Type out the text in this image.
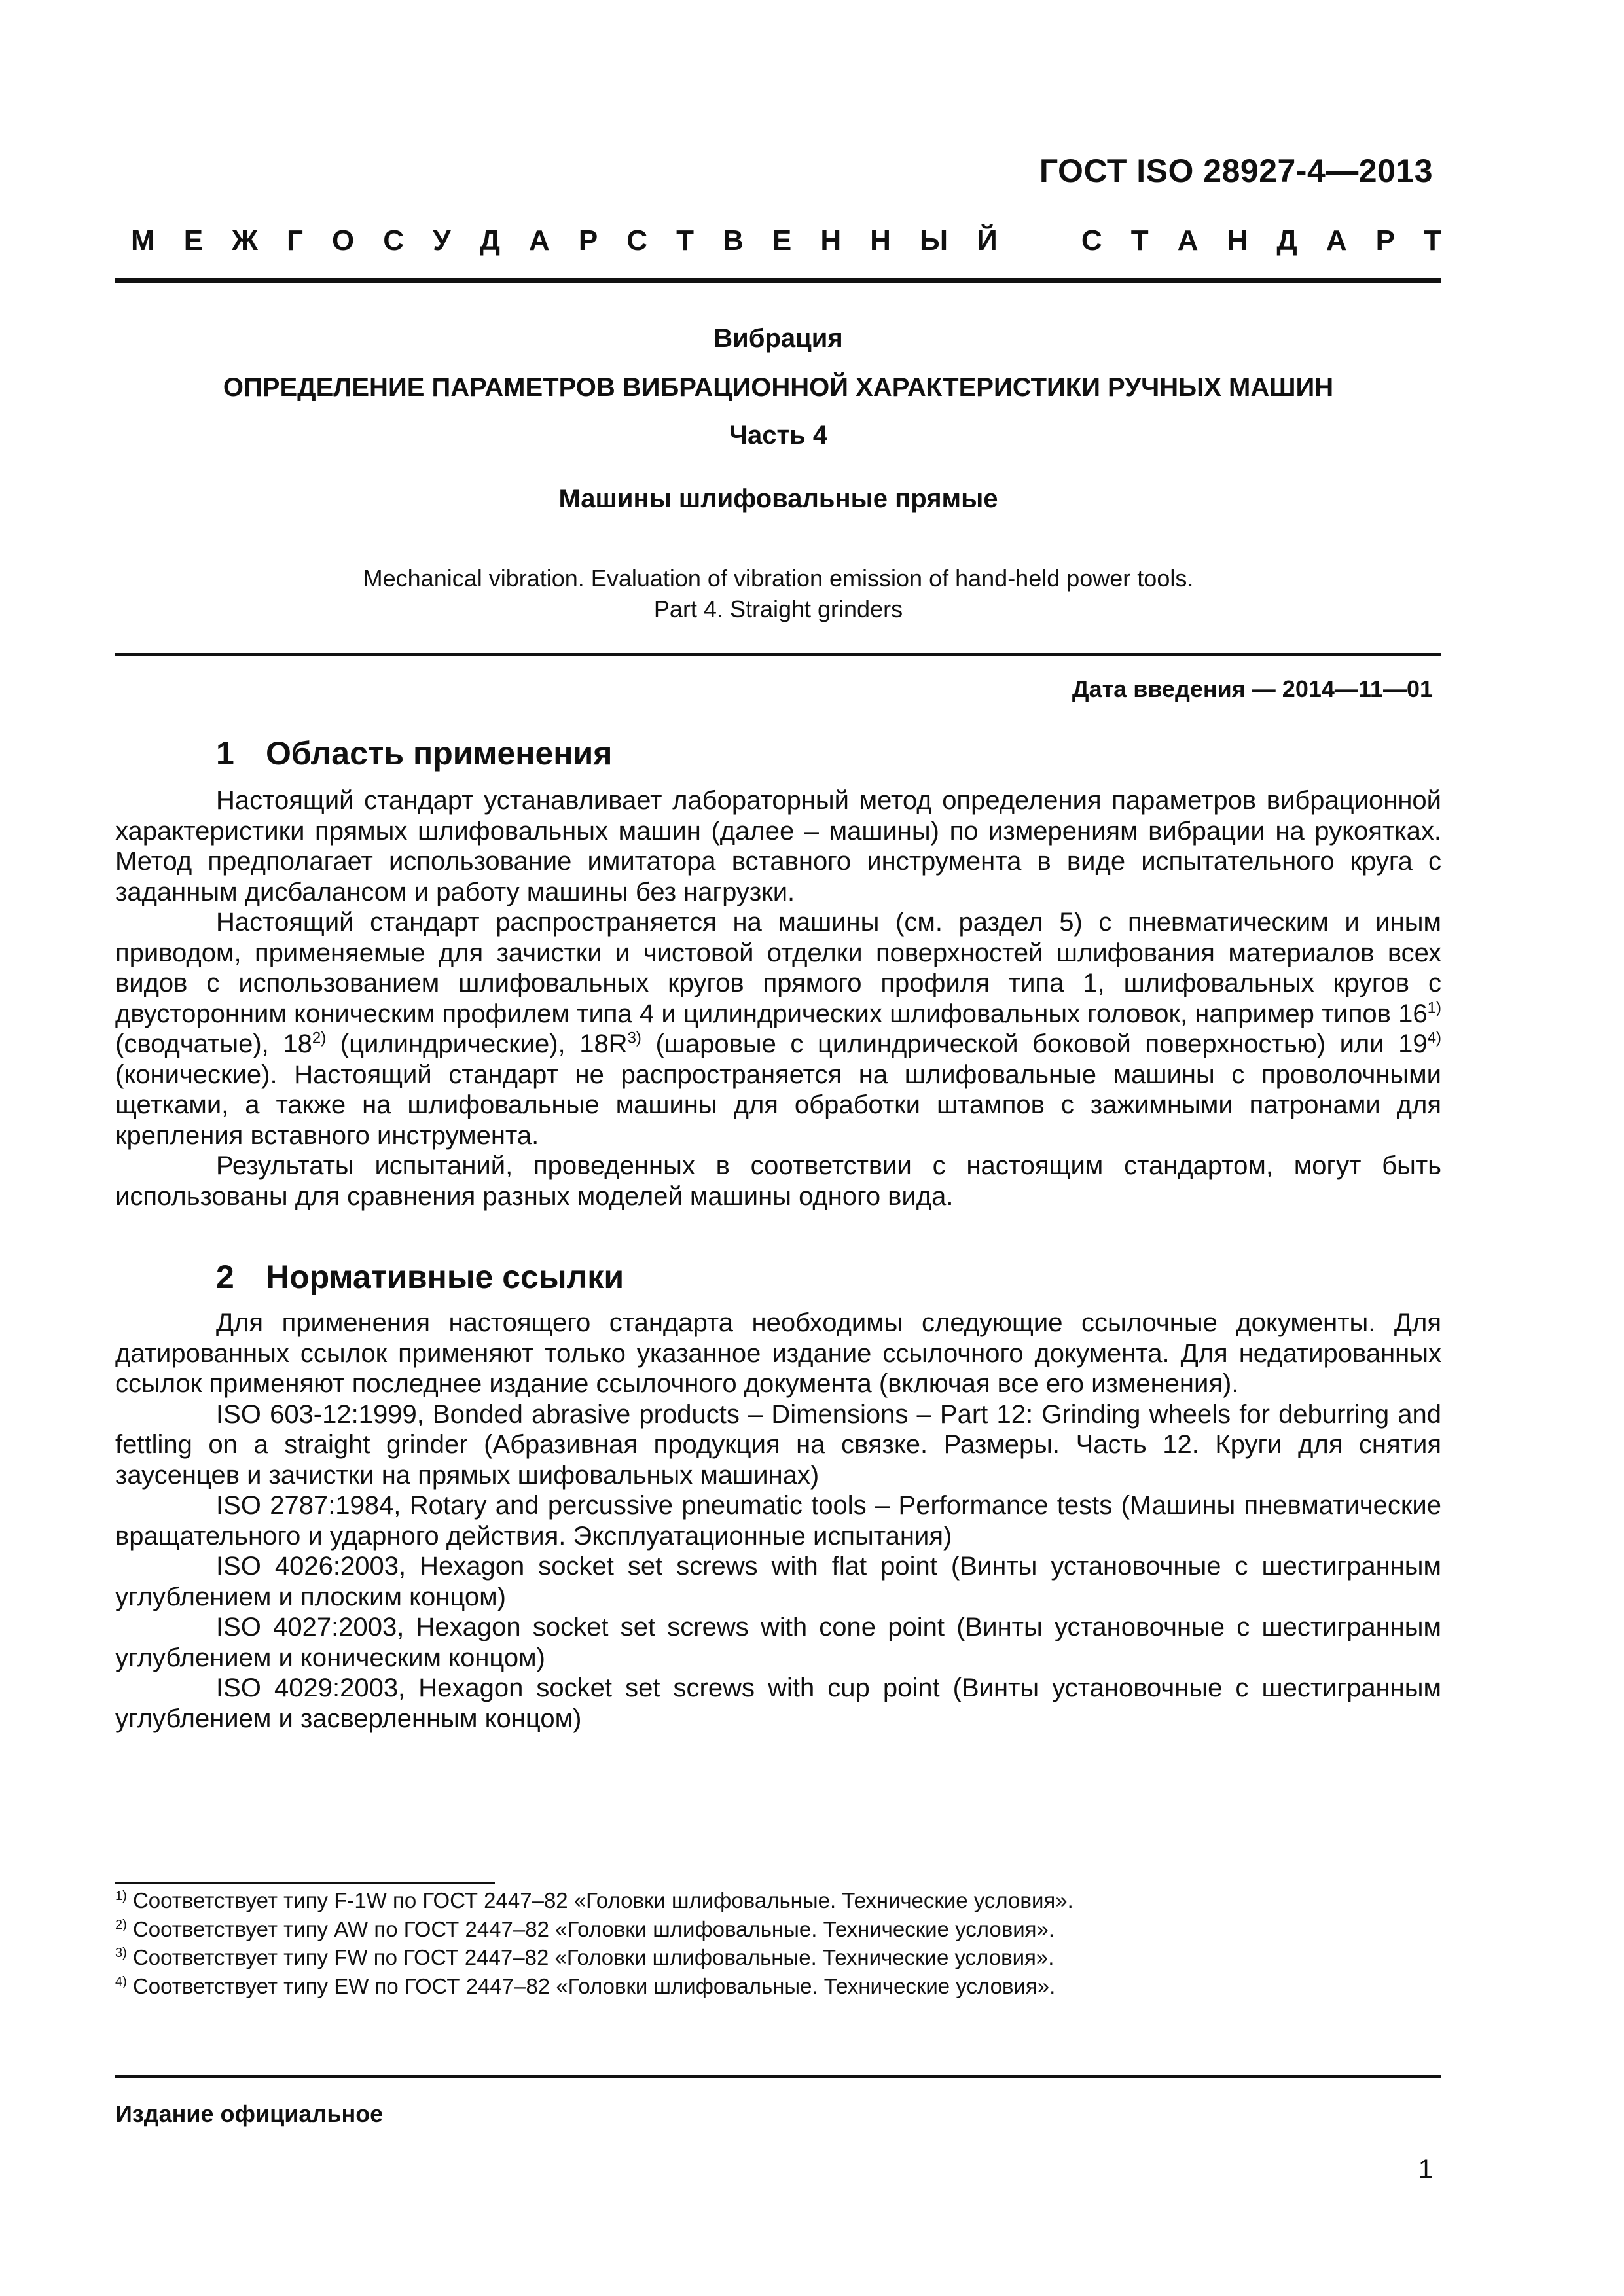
ГОСТ ISO 28927-4—2013
М Е Ж Г О С У Д А Р С Т В Е Н Н Ы Й	С Т А Н Д А Р Т
Вибрация
ОПРЕДЕЛЕНИЕ ПАРАМЕТРОВ ВИБРАЦИОННОЙ ХАРАКТЕРИСТИКИ РУЧНЫХ МАШИН
Часть 4
Машины шлифовальные прямые
Mechanical vibration. Evaluation of vibration emission of hand-held power tools.
Part 4. Straight grinders
Дата введения — 2014—11—01
1 Область применения

Настоящий стандарт устанавливает лабораторный метод определения параметров вибрационной характеристики прямых шлифовальных машин (далее – машины) по измерениям вибрации на рукоятках. Метод предполагает использование имитатора вставного инструмента в виде испытательного круга с заданным дисбалансом и работу машины без нагрузки.

Настоящий стандарт распространяется на машины (см. раздел 5) с пневматическим и иным приводом, применяемые для зачистки и чистовой отделки поверхностей шлифования материалов всех видов с использованием шлифовальных кругов прямого профиля типа 1, шлифовальных кругов с двусторонним коническим профилем типа 4 и цилиндрических шлифовальных головок, например типов 16$^{1)}$ (сводчатые), 18$^{2)}$ (цилиндрические), $18R^{3)}$ (шаровые с цилиндрической боковой поверхностью) или 19$^{4)}$ (конические). Настоящий стандарт не распространяется на шлифовальные машины с проволочными щетками, а также на шлифовальные машины для обработки штампов с зажимными патронами для крепления вставного инструмента.

Результаты испытаний, проведенных в соответствии с настоящим стандартом, могут быть использованы для сравнения разных моделей машины одного вида.

2 Нормативные ссылки

Для применения настоящего стандарта необходимы следующие ссылочные документы. Для датированных ссылок применяют только указанное издание ссылочного документа. Для недатированных ссылок применяют последнее издание ссылочного документа (включая все его изменения).

ISO 603-12:1999, Bonded abrasive products – Dimensions – Part 12: Grinding wheels for deburring and fettling on a straight grinder (Абразивная продукция на связке. Размеры. Часть 12. Круги для снятия заусенцев и зачистки на прямых шифовальных машинах)

ISO 2787:1984, Rotary and percussive pneumatic tools – Performance tests (Машины пневматические вращательного и ударного действия. Эксплуатационные испытания)

ISO 4026:2003, Hexagon socket set screws with flat point (Винты установочные с шестигранным углублением и плоским концом)

ISO 4027:2003, Hexagon socket set screws with cone point (Винты установочные с шестигранным углублением и коническим концом)

ISO 4029:2003, Hexagon socket set screws with cup point (Винты установочные с шестигранным углублением и засверленным концом)

$^{1)}$ Соответствует типу F-1W по ГОСТ 2447–82 «Головки шлифовальные. Технические условия».
$^{2)}$ Соответствует типу AW по ГОСТ 2447–82 «Головки шлифовальные. Технические условия».
$^{3)}$ Соответствует типу FW по ГОСТ 2447–82 «Головки шлифовальные. Технические условия».
$^{4)}$ Соответствует типу EW по ГОСТ 2447–82 «Головки шлифовальные. Технические условия».
Издание официальное
1
